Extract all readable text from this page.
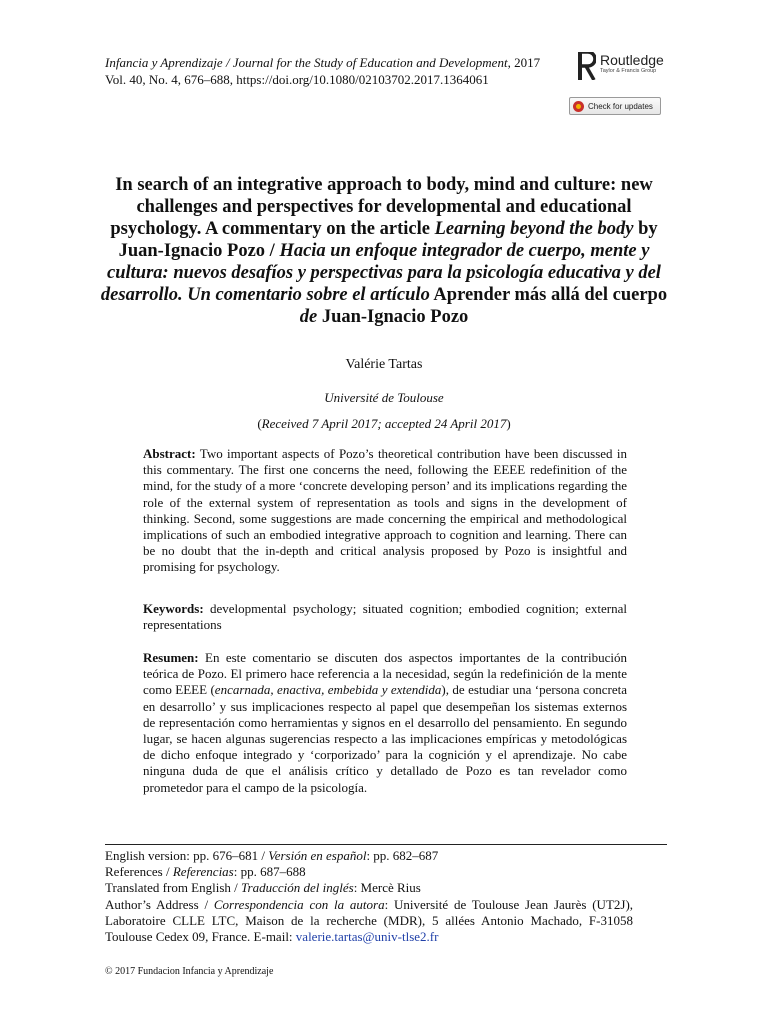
Infancia y Aprendizaje / Journal for the Study of Education and Development, 2017
Vol. 40, No. 4, 676–688, https://doi.org/10.1080/02103702.2017.1364061
Routledge
Taylor & Francis Group
Check for updates
In search of an integrative approach to body, mind and culture: new challenges and perspectives for developmental and educational psychology. A commentary on the article Learning beyond the body by Juan-Ignacio Pozo / Hacia un enfoque integrador de cuerpo, mente y cultura: nuevos desafíos y perspectivas para la psicología educativa y del desarrollo. Un comentario sobre el artículo Aprender más allá del cuerpo de Juan-Ignacio Pozo
Valérie Tartas
Université de Toulouse
(Received 7 April 2017; accepted 24 April 2017)
Abstract: Two important aspects of Pozo’s theoretical contribution have been discussed in this commentary. The first one concerns the need, following the EEEE redefinition of the mind, for the study of a more ‘concrete developing person’ and its implications regarding the role of the external system of representation as tools and signs in the development of thinking. Second, some suggestions are made concerning the empirical and methodological implications of such an embodied integrative approach to cognition and learning. There can be no doubt that the in-depth and critical analysis proposed by Pozo is insightful and promising for psychology.
Keywords: developmental psychology; situated cognition; embodied cognition; external representations
Resumen: En este comentario se discuten dos aspectos importantes de la contribución teórica de Pozo. El primero hace referencia a la necesidad, según la redefinición de la mente como EEEE (encarnada, enactiva, embebida y extendida), de estudiar una ‘persona concreta en desarrollo’ y sus implicaciones respecto al papel que desempeñan los sistemas externos de representación como herramientas y signos en el desarrollo del pensamiento. En segundo lugar, se hacen algunas sugerencias respecto a las implicaciones empíricas y metodológicas de dicho enfoque integrado y ‘corporizado’ para la cognición y el aprendizaje. No cabe ninguna duda de que el análisis crítico y detallado de Pozo es tan revelador como prometedor para el campo de la psicología.
English version: pp. 676–681 / Versión en español: pp. 682–687
References / Referencias: pp. 687–688
Translated from English / Traducción del inglés: Mercè Rius
Author’s Address / Correspondencia con la autora: Université de Toulouse Jean Jaurès (UT2J), Laboratoire CLLE LTC, Maison de la recherche (MDR), 5 allées Antonio Machado, F-31058 Toulouse Cedex 09, France. E-mail: valerie.tartas@univ-tlse2.fr
© 2017 Fundacion Infancia y Aprendizaje
